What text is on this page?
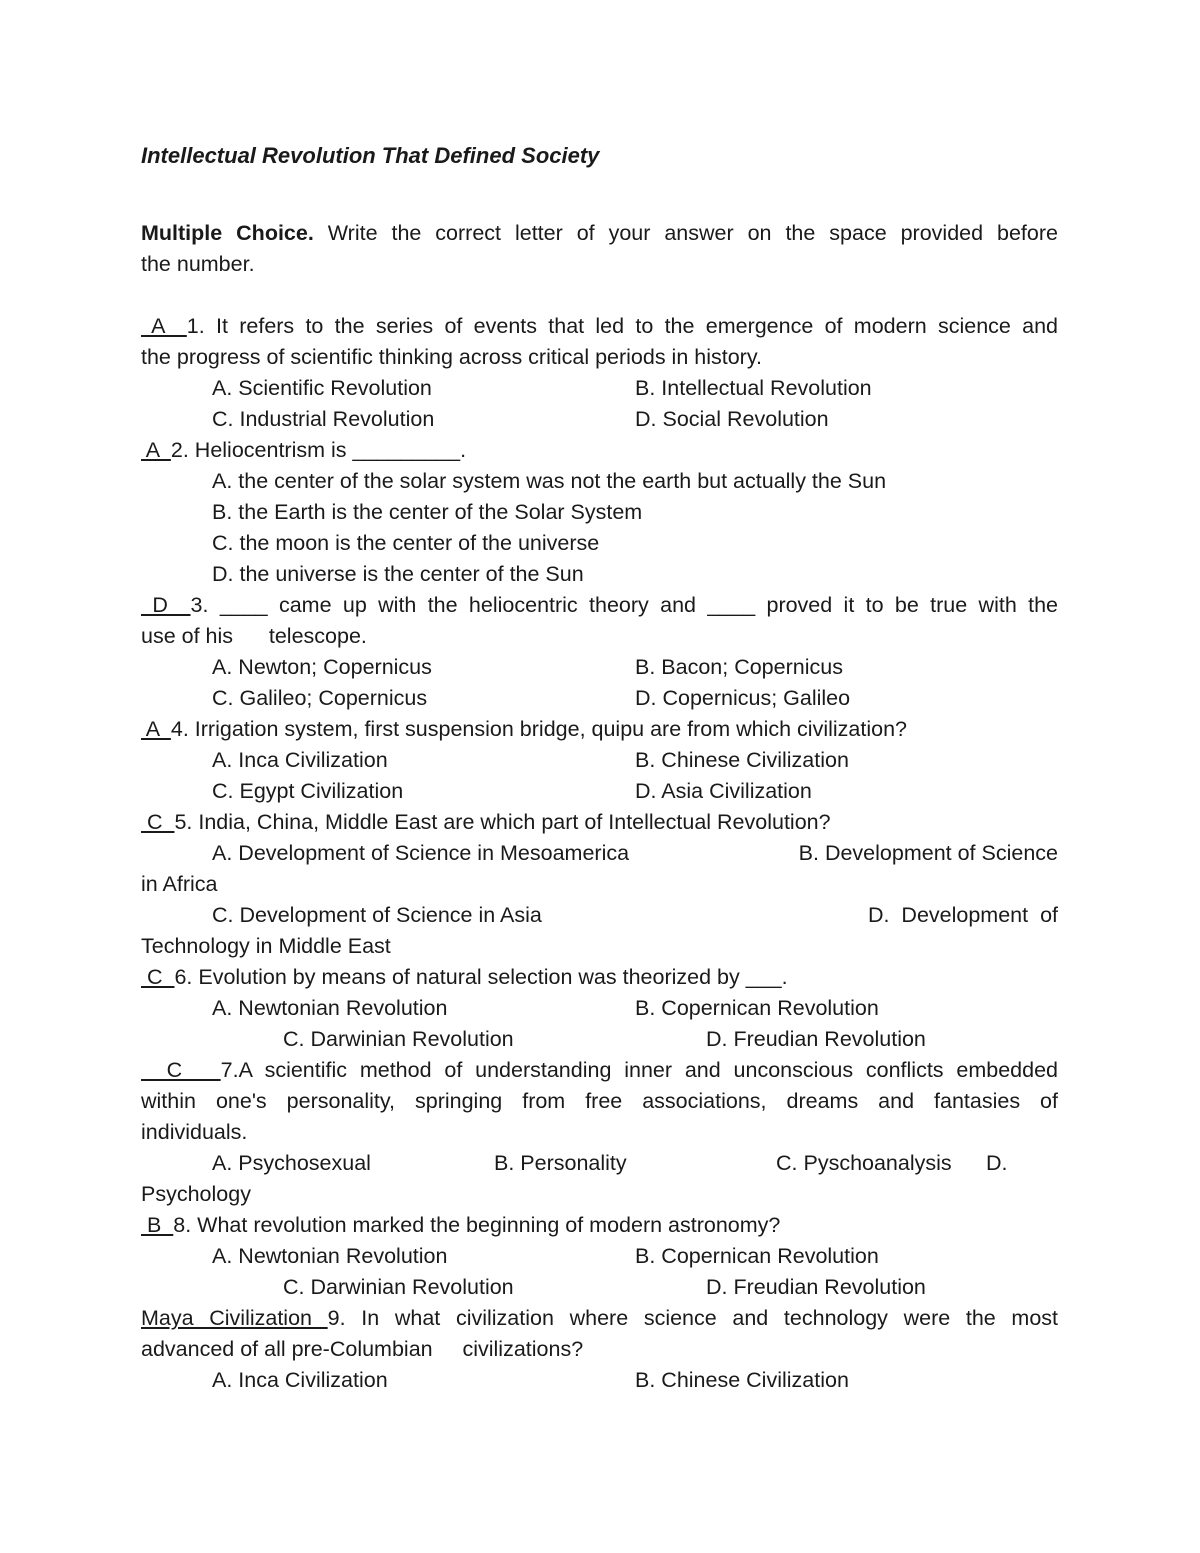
Intellectual Revolution That Defined Society
Multiple Choice. Write the correct letter of your answer on the space provided before
the number.
A  1. It refers to the series of events that led to the emergence of modern science and
the progress of scientific thinking across critical periods in history.
A. Scientific Revolution	B. Intellectual Revolution
C. Industrial Revolution	D. Social Revolution
A  2. Heliocentrism is _________.
A. the center of the solar system was not the earth but actually the Sun
B. the Earth is the center of the Solar System
C. the moon is the center of the universe
D. the universe is the center of the Sun
D  3. ____ came up with the heliocentric theory and ____ proved it to be true with the
use of his      telescope.
A. Newton; Copernicus	B. Bacon; Copernicus
C. Galileo; Copernicus	D. Copernicus; Galileo
A  4. Irrigation system, first suspension bridge, quipu are from which civilization?
A. Inca Civilization	B. Chinese Civilization
C. Egypt Civilization	D. Asia Civilization
C  5. India, China, Middle East are which part of Intellectual Revolution?
A. Development of Science in Mesoamerica	B. Development of Science
in Africa
C. Development of Science in Asia	D. Development of
Technology in Middle East
C  6. Evolution by means of natural selection was theorized by ___.
A. Newtonian Revolution	B. Copernican Revolution
C. Darwinian Revolution	D. Freudian Revolution
C   7.A scientific method of understanding inner and unconscious conflicts embedded
within one's personality, springing from free associations, dreams and fantasies of
individuals.
A. Psychosexual	B. Personality	C. Pyschoanalysis D.
Psychology
B  8. What revolution marked the beginning of modern astronomy?
A. Newtonian Revolution	B. Copernican Revolution
C. Darwinian Revolution	D. Freudian Revolution
Maya Civilization 9. In what civilization where science and technology were the most
advanced of all pre-Columbian     civilizations?
A. Inca Civilization	B. Chinese Civilization
